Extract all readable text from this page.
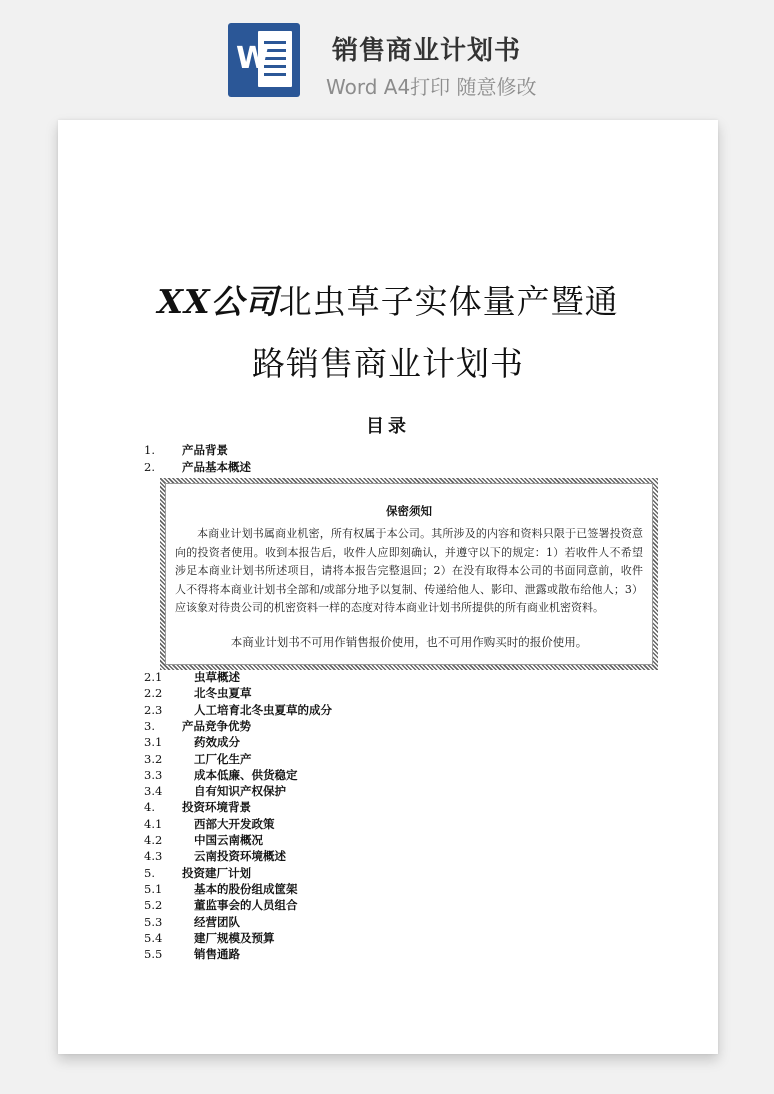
W 销售商业计划书
Word A4打印 随意修改
XX公司北虫草子实体量产暨通
路销售商业计划书
目录
1. 产品背景
2. 产品基本概述
保密须知
本商业计划书属商业机密，所有权属于本公司。其所涉及的内容和资料只限于已签署投资意向的投资者使用。收到本报告后，收件人应即刻确认，并遵守以下的规定：1）若收件人不希望涉足本商业计划书所述项目，请将本报告完整退回；2）在没有取得本公司的书面同意前，收件人不得将本商业计划书全部和/或部分地予以复制、传递给他人、影印、泄露或散布给他人；3）应该象对待贵公司的机密资料一样的态度对待本商业计划书所提供的所有商业机密资料。
本商业计划书不可用作销售报价使用，也不可用作购买时的报价使用。
2.1	虫草概述
2.2	北冬虫夏草
2.3	人工培育北冬虫夏草的成分
3. 产品竞争优势
3.1	药效成分
3.2	工厂化生产
3.3	成本低廉、供货稳定
3.4	自有知识产权保护
4. 投资环境背景
4.1	西部大开发政策
4.2	中国云南概况
4.3	云南投资环境概述
5. 投资建厂计划
5.1	基本的股份组成筐架
5.2	董监事会的人员组合
5.3	经营团队
5.4	建厂规模及预算
5.5	销售通路
